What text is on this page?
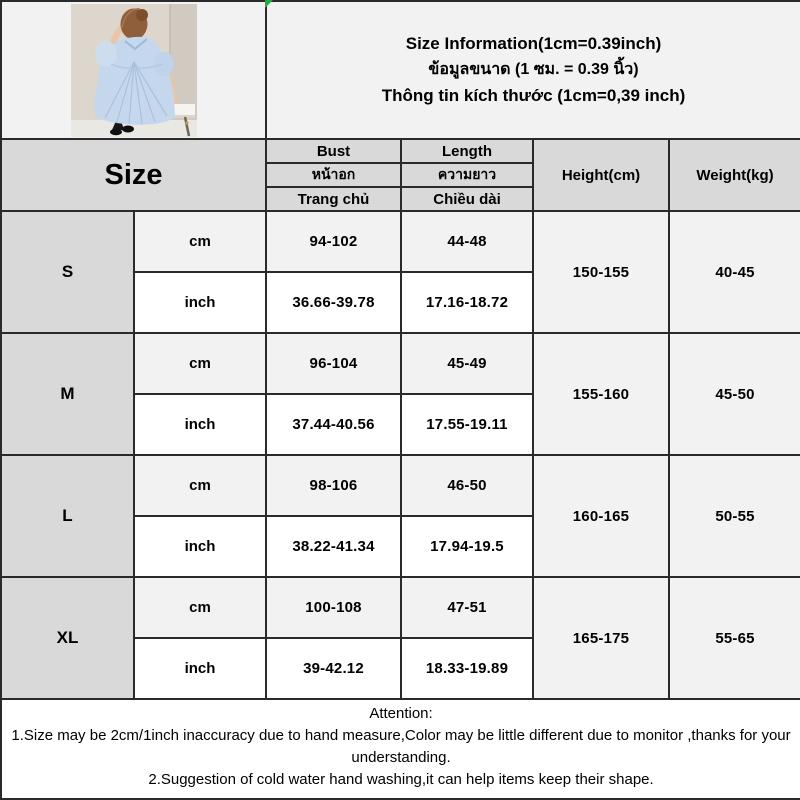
Size Information(1cm=0.39inch)
ข้อมูลขนาด (1 ซม. = 0.39 นิ้ว)
Thông tin kích thước (1cm=0,39 inch)			

Size		Bust	Length	Height(cm)	Weight(kg)
		หน้าอก	ความยาว		
		Trang chủ	Chiều dài		
S	cm	94-102	44-48	150-155	40-45
	inch	36.66-39.78	17.16-18.72		
M	cm	96-104	45-49	155-160	45-50
	inch	37.44-40.56	17.55-19.11		
L	cm	98-106	46-50	160-165	50-55
	inch	38.22-41.34	17.94-19.5		
XL	cm	100-108	47-51	165-175	55-65
	inch	39-42.12	18.33-19.89		

Attention:
1.Size may be 2cm/1inch inaccuracy due to hand measure,Color may be little different due to monitor ,thanks for your understanding.
2.Suggestion of cold water hand washing,it can help items keep their shape.					
